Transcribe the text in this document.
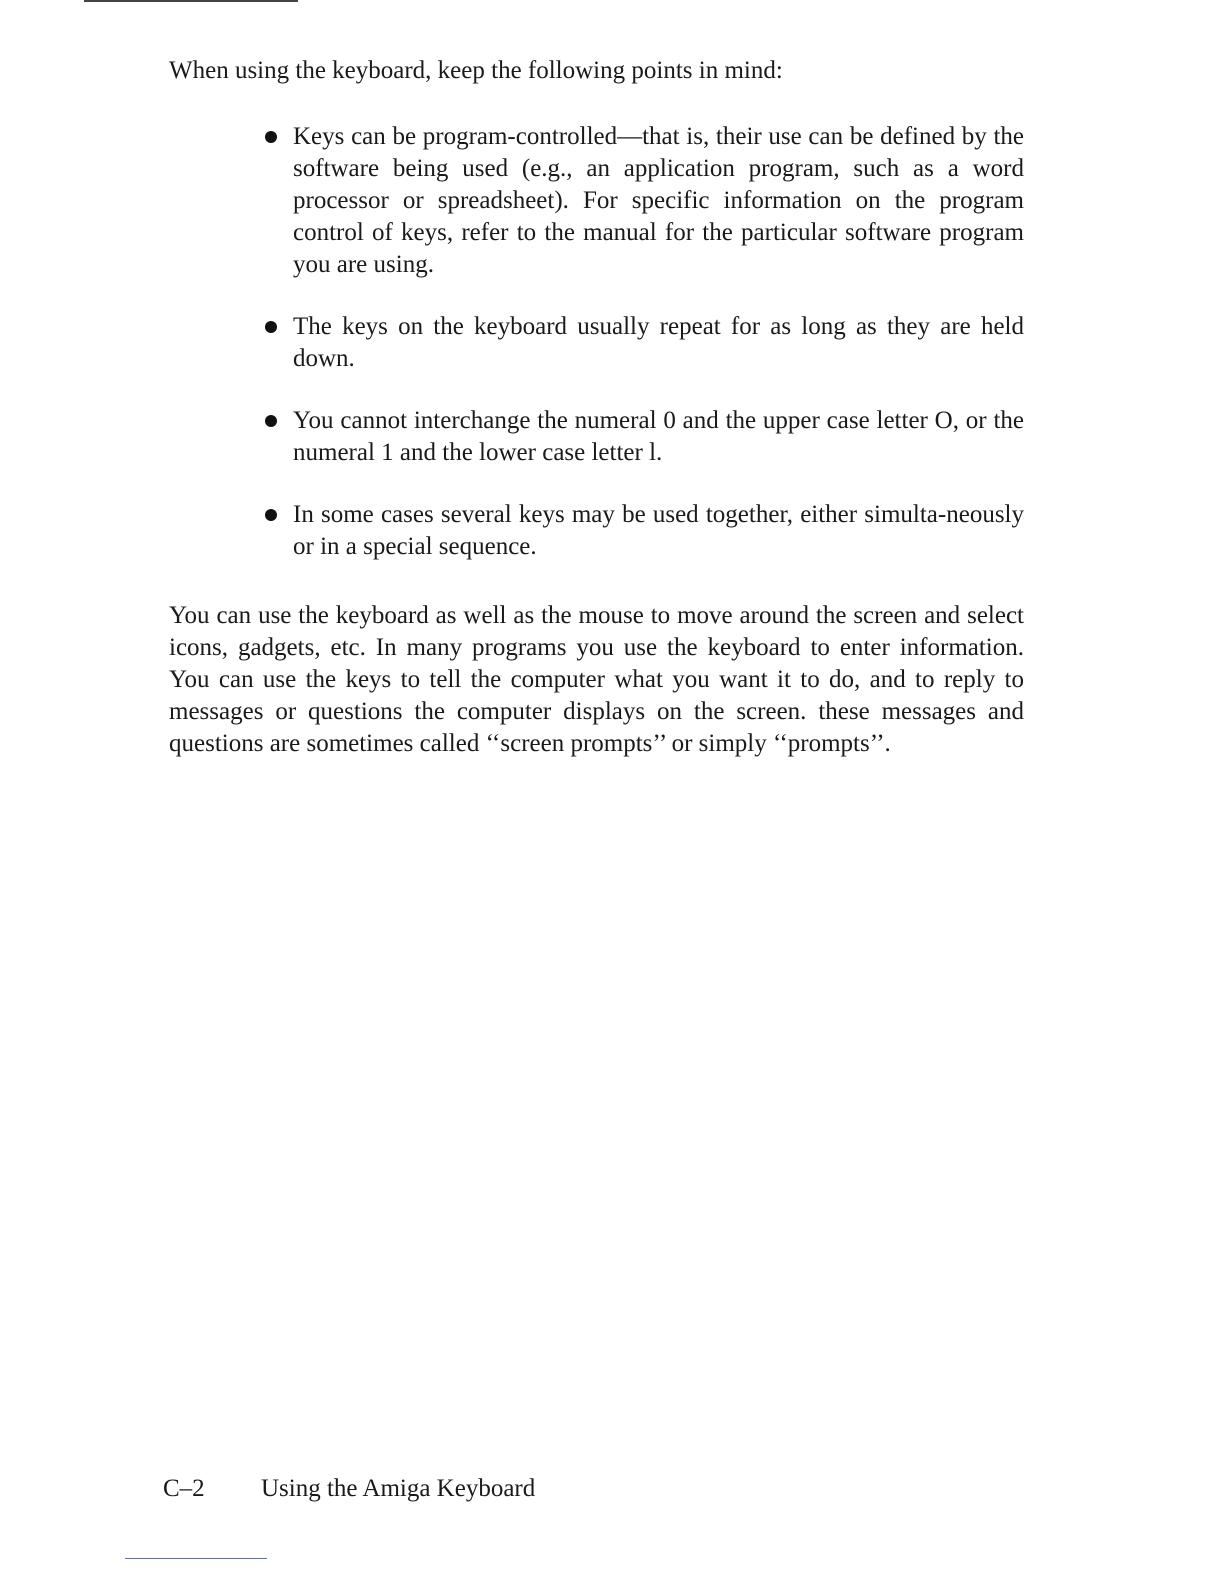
When using the keyboard, keep the following points in mind:

Keys can be program-controlled—that is, their use can be defined by the software being used (e.g., an application program, such as a word processor or spreadsheet). For specific information on the program control of keys, refer to the manual for the particular software program you are using.
The keys on the keyboard usually repeat for as long as they are held down.
You cannot interchange the numeral 0 and the upper case letter O, or the numeral 1 and the lower case letter l.
In some cases several keys may be used together, either simulta-neously or in a special sequence.

You can use the keyboard as well as the mouse to move around the screen and select icons, gadgets, etc. In many programs you use the keyboard to enter information. You can use the keys to tell the computer what you want it to do, and to reply to messages or questions the computer displays on the screen. these messages and questions are sometimes called ‘‘screen prompts’’ or simply ‘‘prompts’’.

C–2 Using the Amiga Keyboard
